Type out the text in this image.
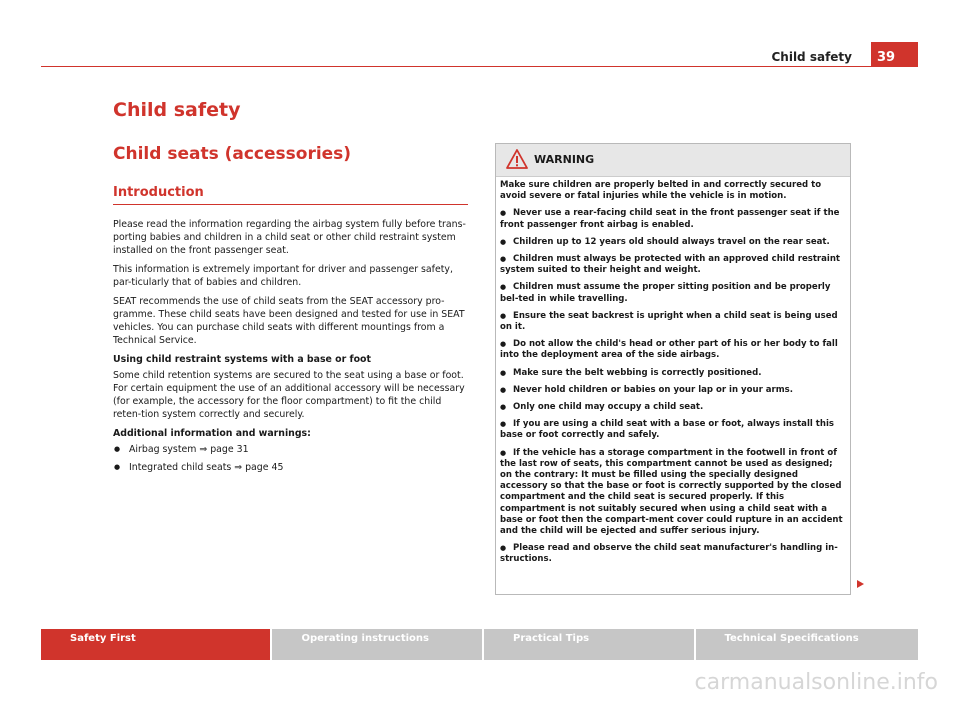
Child safety	39
Child safety
Child seats (accessories)
Introduction

Please read the information regarding the airbag system fully before trans-porting babies and children in a child seat or other child restraint system installed on the front passenger seat.

This information is extremely important for driver and passenger safety, par-ticularly that of babies and children.

SEAT recommends the use of child seats from the SEAT accessory pro-gramme. These child seats have been designed and tested for use in SEAT vehicles. You can purchase child seats with different mountings from a Technical Service.

Using child restraint systems with a base or foot

Some child retention systems are secured to the seat using a base or foot. For certain equipment the use of an additional accessory will be necessary (for example, the accessory for the floor compartment) to fit the child reten-tion system correctly and securely.

Additional information and warnings:

● Airbag system ⇒ page 31

● Integrated child seats ⇒ page 45

WARNING

Make sure children are properly belted in and correctly secured to avoid severe or fatal injuries while the vehicle is in motion.

● Never use a rear-facing child seat in the front passenger seat if the front passenger front airbag is enabled.

● Children up to 12 years old should always travel on the rear seat.

● Children must always be protected with an approved child restraint system suited to their height and weight.

● Children must assume the proper sitting position and be properly bel-ted in while travelling.

● Ensure the seat backrest is upright when a child seat is being used on it.

● Do not allow the child's head or other part of his or her body to fall into the deployment area of the side airbags.

● Make sure the belt webbing is correctly positioned.

● Never hold children or babies on your lap or in your arms.

● Only one child may occupy a child seat.

● If you are using a child seat with a base or foot, always install this base or foot correctly and safely.

● If the vehicle has a storage compartment in the footwell in front of the last row of seats, this compartment cannot be used as designed; on the contrary: It must be filled using the specially designed accessory so that the base or foot is correctly supported by the closed compartment and the child seat is secured properly. If this compartment is not suitably secured when using a child seat with a base or foot then the compart-ment cover could rupture in an accident and the child will be ejected and suffer serious injury.

● Please read and observe the child seat manufacturer's handling in-structions.

Safety First	Operating instructions	Practical Tips	Technical Specifications
carmanualsonline.info
